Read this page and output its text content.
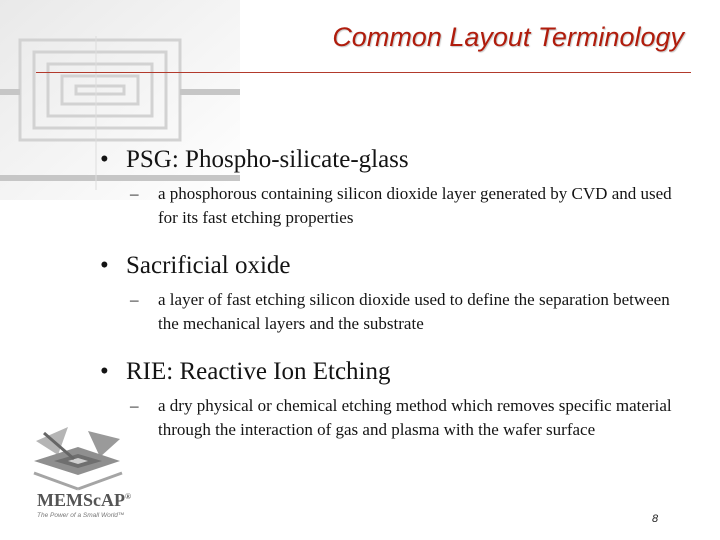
Common Layout Terminology
• PSG: Phospho-silicate-glass
– a phosphorous containing silicon dioxide layer generated by CVD and used for its fast etching properties
• Sacrificial oxide
– a layer of fast etching silicon dioxide used to define the separation between the mechanical layers and the substrate
• RIE: Reactive Ion Etching
– a dry physical or chemical etching method which removes specific material through the interaction of gas and plasma with the wafer surface
MEMScAP®
The Power of a Small World™	8
